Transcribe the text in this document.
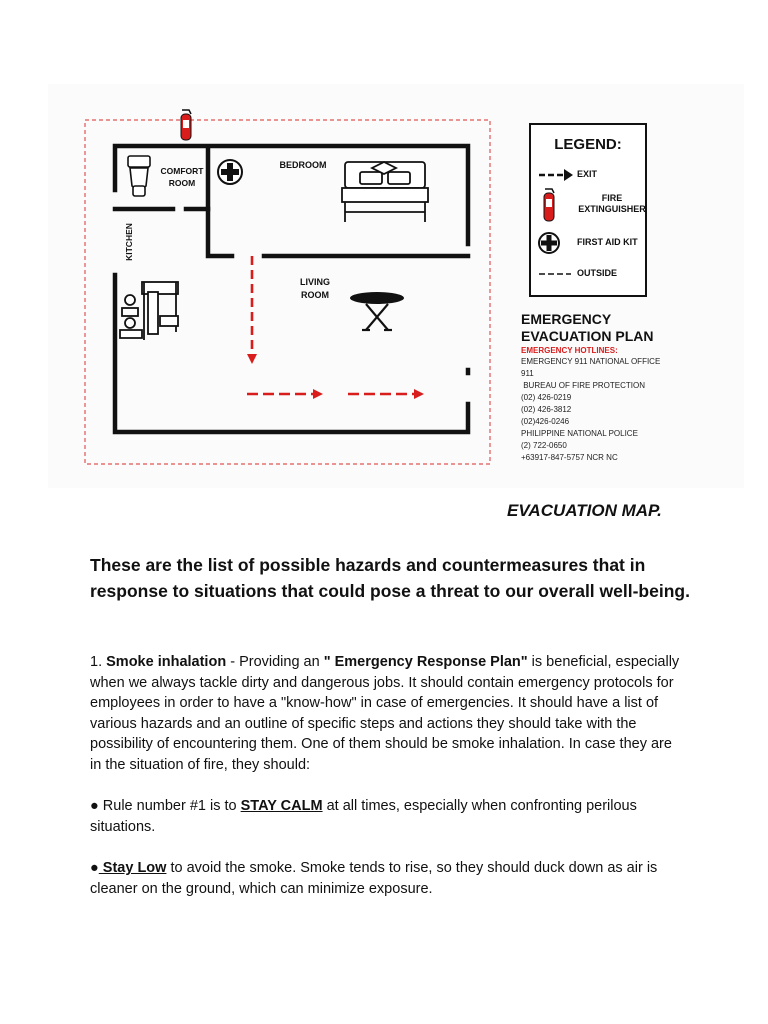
COMFORT
ROOM
BEDROOM
KITCHEN
LIVING
ROOM
LEGEND:
EXIT
FIRE
EXTINGUISHER
FIRST AID KIT
OUTSIDE

EMERGENCY
EVACUATION PLAN

EMERGENCY HOTLINES:
EMERGENCY 911 NATIONAL OFFICE
911
BUREAU OF FIRE PROTECTION
(02) 426-0219
(02) 426-3812
(02)426-0246
PHILIPPINE NATIONAL POLICE
(2) 722-0650
+63917-847-5757 NCR NC
EVACUATION MAP.
These are the list of possible hazards and countermeasures that in response to situations that could pose a threat to our overall well-being.

1. Smoke inhalation - Providing an " Emergency Response Plan" is beneficial, especially when we always tackle dirty and dangerous jobs. It should contain emergency protocols for employees in order to have a "know-how" in case of emergencies. It should have a list of various hazards and an outline of specific steps and actions they should take with the possibility of encountering them. One of them should be smoke inhalation. In case they are in the situation of fire, they should:

● Rule number #1 is to STAY CALM at all times, especially when confronting perilous situations.

● Stay Low to avoid the smoke. Smoke tends to rise, so they should duck down as air is cleaner on the ground, which can minimize exposure.
